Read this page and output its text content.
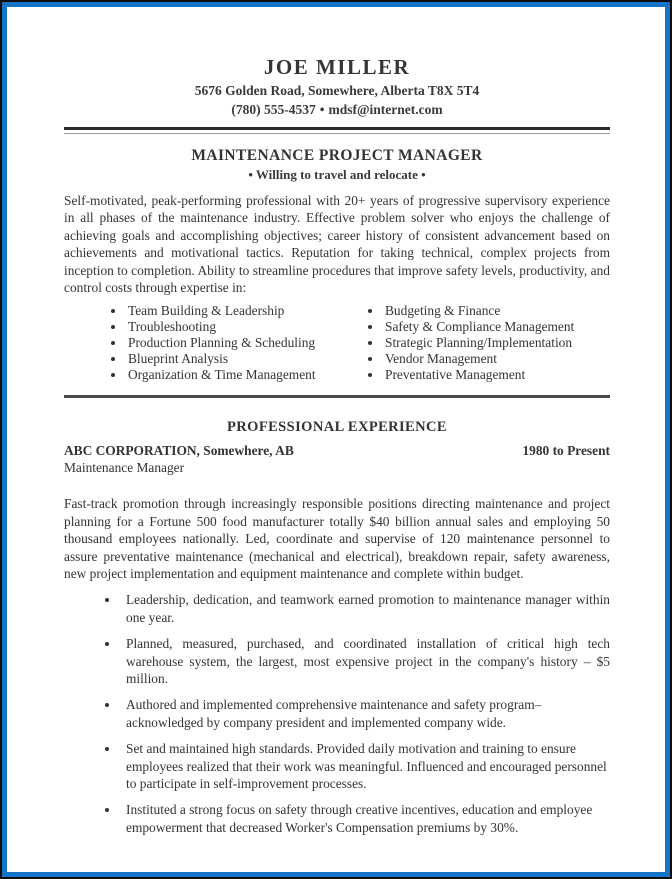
JOE MILLER
5676 Golden Road, Somewhere, Alberta T8X 5T4
(780) 555-4537 • mdsf@internet.com
MAINTENANCE PROJECT MANAGER
• Willing to travel and relocate •
Self-motivated, peak-performing professional with 20+ years of progressive supervisory experience in all phases of the maintenance industry. Effective problem solver who enjoys the challenge of achieving goals and accomplishing objectives; career history of consistent advancement based on achievements and motivational tactics. Reputation for taking technical, complex projects from inception to completion. Ability to streamline procedures that improve safety levels, productivity, and control costs through expertise in:
• Team Building & Leadership
• Troubleshooting
• Production Planning & Scheduling
• Blueprint Analysis
• Organization & Time Management
• Budgeting & Finance
• Safety & Compliance Management
• Strategic Planning/Implementation
• Vendor Management
• Preventative Management
PROFESSIONAL EXPERIENCE
ABC CORPORATION, Somewhere, AB	1980 to Present
Maintenance Manager
Fast-track promotion through increasingly responsible positions directing maintenance and project planning for a Fortune 500 food manufacturer totally $40 billion annual sales and employing 50 thousand employees nationally. Led, coordinate and supervise of 120 maintenance personnel to assure preventative maintenance (mechanical and electrical), breakdown repair, safety awareness, new project implementation and equipment maintenance and complete within budget.
• Leadership, dedication, and teamwork earned promotion to maintenance manager within one year.
• Planned, measured, purchased, and coordinated installation of critical high tech warehouse system, the largest, most expensive project in the company's history – $5 million.
• Authored and implemented comprehensive maintenance and safety program–acknowledged by company president and implemented company wide.
• Set and maintained high standards. Provided daily motivation and training to ensure employees realized that their work was meaningful. Influenced and encouraged personnel to participate in self-improvement processes.
• Instituted a strong focus on safety through creative incentives, education and employee empowerment that decreased Worker's Compensation premiums by 30%.
